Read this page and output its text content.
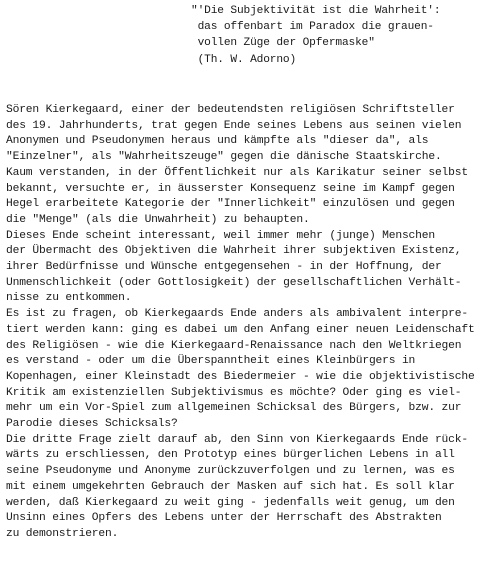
"'Die Subjektivität ist die Wahrheit':
das offenbart im Paradox die grauen-
vollen Züge der Opfermaske"
(Th. W. Adorno)
Sören Kierkegaard, einer der bedeutendsten religiösen Schriftsteller
des 19. Jahrhunderts, trat gegen Ende seines Lebens aus seinen vielen
Anonymen und Pseudonymen heraus und kämpfte als "dieser da", als
"Einzelner", als "Wahrheitszeuge" gegen die dänische Staatskirche.
Kaum verstanden, in der Öffentlichkeit nur als Karikatur seiner selbst
bekannt, versuchte er, in äusserster Konsequenz seine im Kampf gegen
Hegel erarbeitete Kategorie der "Innerlichkeit" einzulösen und gegen
die "Menge" (als die Unwahrheit) zu behaupten.
Dieses Ende scheint interessant, weil immer mehr (junge) Menschen
der Übermacht des Objektiven die Wahrheit ihrer subjektiven Existenz,
ihrer Bedürfnisse und Wünsche entgegensehen - in der Hoffnung, der
Unmenschlichkeit (oder Gottlosigkeit) der gesellschaftlichen Verhält-
nisse zu entkommen.
Es ist zu fragen, ob Kierkegaards Ende anders als ambivalent interpre-
tiert werden kann: ging es dabei um den Anfang einer neuen Leidenschaft
des Religiösen - wie die Kierkegaard-Renaissance nach den Weltkriegen
es verstand - oder um die Überspanntheit eines Kleinbürgers in
Kopenhagen, einer Kleinstadt des Biedermeier - wie die objektivistische
Kritik am existenziellen Subjektivismus es möchte? Oder ging es viel-
mehr um ein Vor-Spiel zum allgemeinen Schicksal des Bürgers, bzw. zur
Parodie dieses Schicksals?
Die dritte Frage zielt darauf ab, den Sinn von Kierkegaards Ende rück-
wärts zu erschliessen, den Prototyp eines bürgerlichen Lebens in all
seine Pseudonyme und Anonyme zurückzuverfolgen und zu lernen, was es
mit einem umgekehrten Gebrauch der Masken auf sich hat. Es soll klar
werden, daß Kierkegaard zu weit ging - jedenfalls weit genug, um den
Unsinn eines Opfers des Lebens unter der Herrschaft des Abstrakten
zu demonstrieren.
